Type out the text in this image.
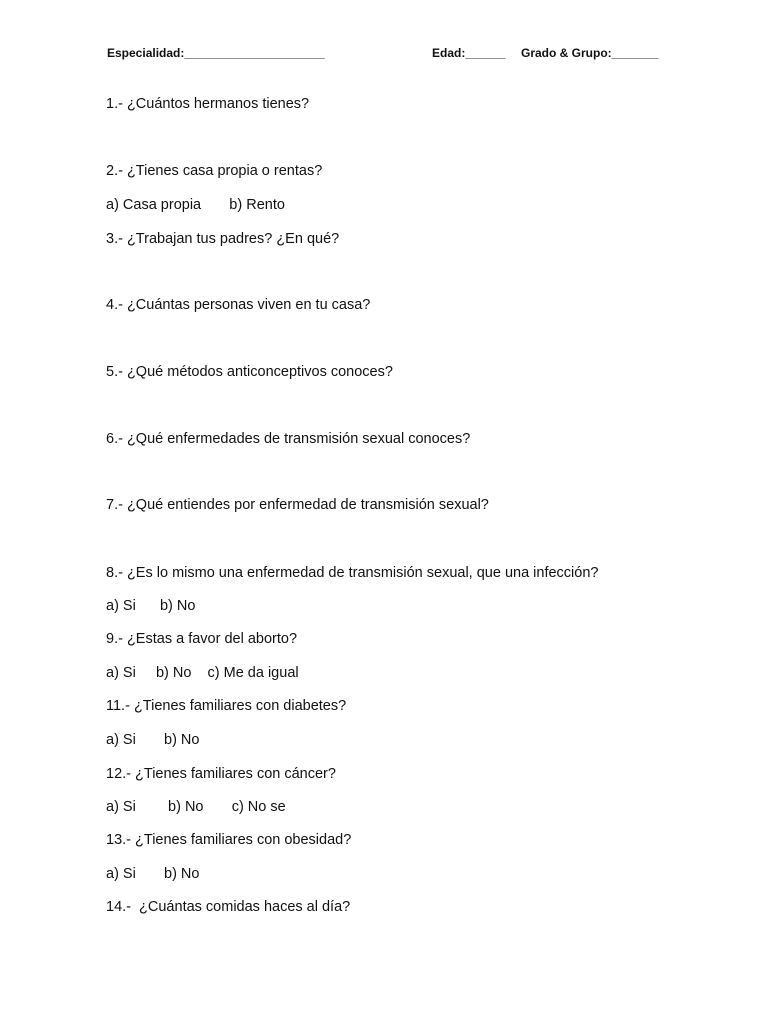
Especialidad:_____________________	Edad:______ Grado & Grupo:_______
1.- ¿Cuántos hermanos tienes?
2.- ¿Tienes casa propia o rentas?
a) Casa propia       b) Rento
3.- ¿Trabajan tus padres? ¿En qué?
4.- ¿Cuántas personas viven en tu casa?
5.- ¿Qué métodos anticonceptivos conoces?
6.- ¿Qué enfermedades de transmisión sexual conoces?
7.- ¿Qué entiendes por enfermedad de transmisión sexual?
8.- ¿Es lo mismo una enfermedad de transmisión sexual, que una infección?
a) Si      b) No
9.- ¿Estas a favor del aborto?
a) Si     b) No    c) Me da igual
11.- ¿Tienes familiares con diabetes?
a) Si       b) No
12.- ¿Tienes familiares con cáncer?
a) Si        b) No       c) No se
13.- ¿Tienes familiares con obesidad?
a) Si       b) No
14.-  ¿Cuántas comidas haces al día?
